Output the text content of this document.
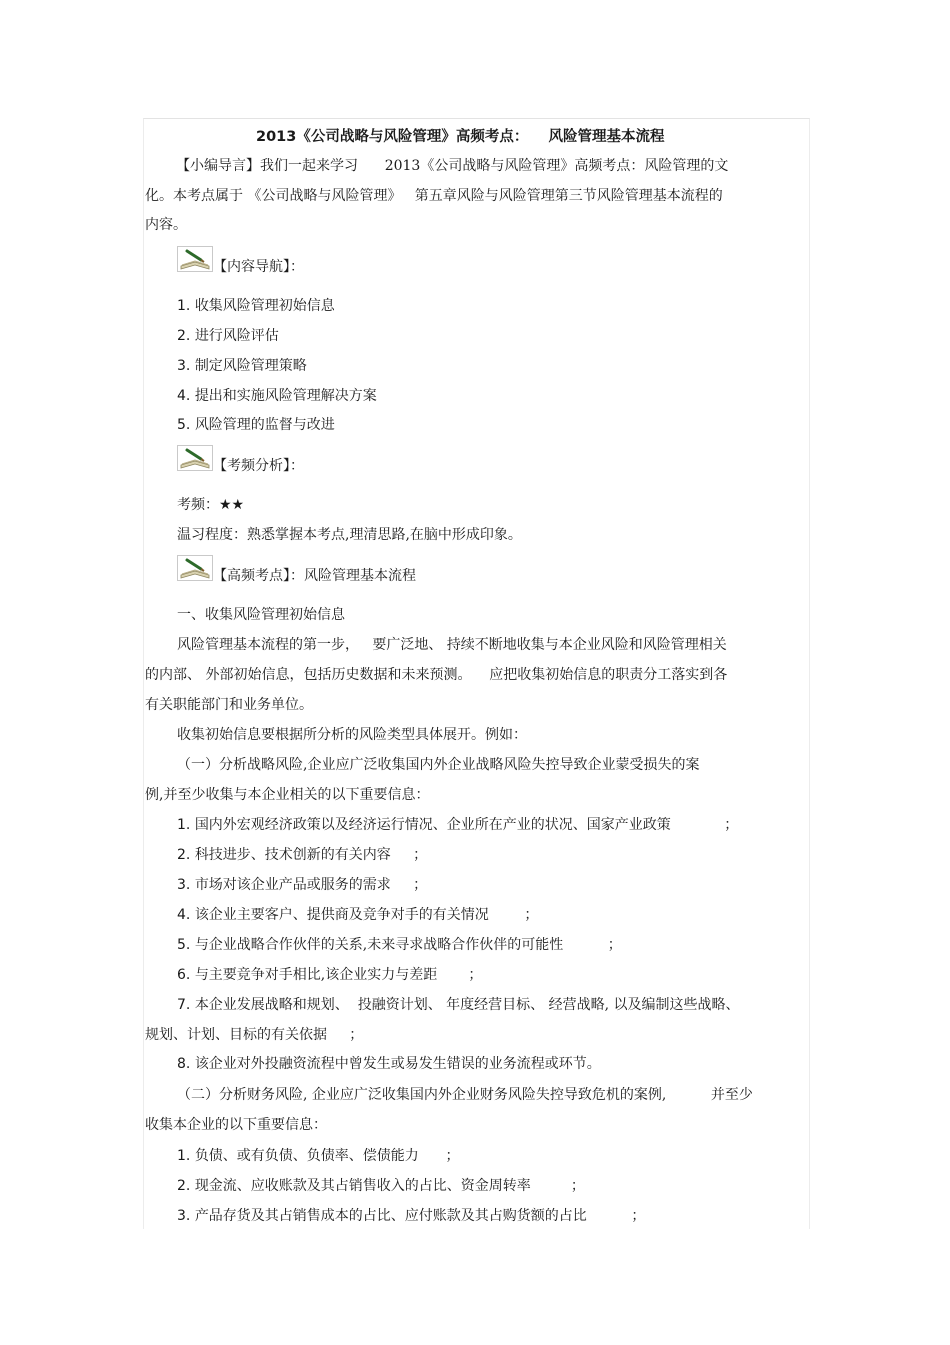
2013《公司战略与风险管理》高频考点：    风险管理基本流程
【小编导言】我们一起来学习      2013《公司战略与风险管理》高频考点：风险管理的文
化。本考点属于 《公司战略与风险管理》   第五章风险与风险管理第三节风险管理基本流程的
内容。
【内容导航】：
1. 收集风险管理初始信息
2. 进行风险评估
3. 制定风险管理策略
4. 提出和实施风险管理解决方案
5. 风险管理的监督与改进
【考频分析】：
考频：★★
温习程度：熟悉掌握本考点,理清思路,在脑中形成印象。
【高频考点】：风险管理基本流程
一、收集风险管理初始信息
风险管理基本流程的第一步，   要广泛地、 持续不断地收集与本企业风险和风险管理相关
的内部、 外部初始信息，包括历史数据和未来预测。    应把收集初始信息的职责分工落实到各
有关职能部门和业务单位。
收集初始信息要根据所分析的风险类型具体展开。例如：
（一）分析战略风险,企业应广泛收集国内外企业战略风险失控导致企业蒙受损失的案
例,并至少收集与本企业相关的以下重要信息：
1. 国内外宏观经济政策以及经济运行情况、企业所在产业的状况、国家产业政策            ；
2. 科技进步、技术创新的有关内容     ；
3. 市场对该企业产品或服务的需求     ；
4. 该企业主要客户、提供商及竞争对手的有关情况        ；
5. 与企业战略合作伙伴的关系,未来寻求战略合作伙伴的可能性          ；
6. 与主要竞争对手相比,该企业实力与差距       ；
7. 本企业发展战略和规划、  投融资计划、 年度经营目标、 经营战略, 以及编制这些战略、
规划、计划、目标的有关依据     ；
8. 该企业对外投融资流程中曾发生或易发生错误的业务流程或环节。
（二）分析财务风险, 企业应广泛收集国内外企业财务风险失控导致危机的案例,          并至少
收集本企业的以下重要信息：
1. 负债、或有负债、负债率、偿债能力      ；
2. 现金流、应收账款及其占销售收入的占比、资金周转率         ；
3. 产品存货及其占销售成本的占比、应付账款及其占购货额的占比          ；
